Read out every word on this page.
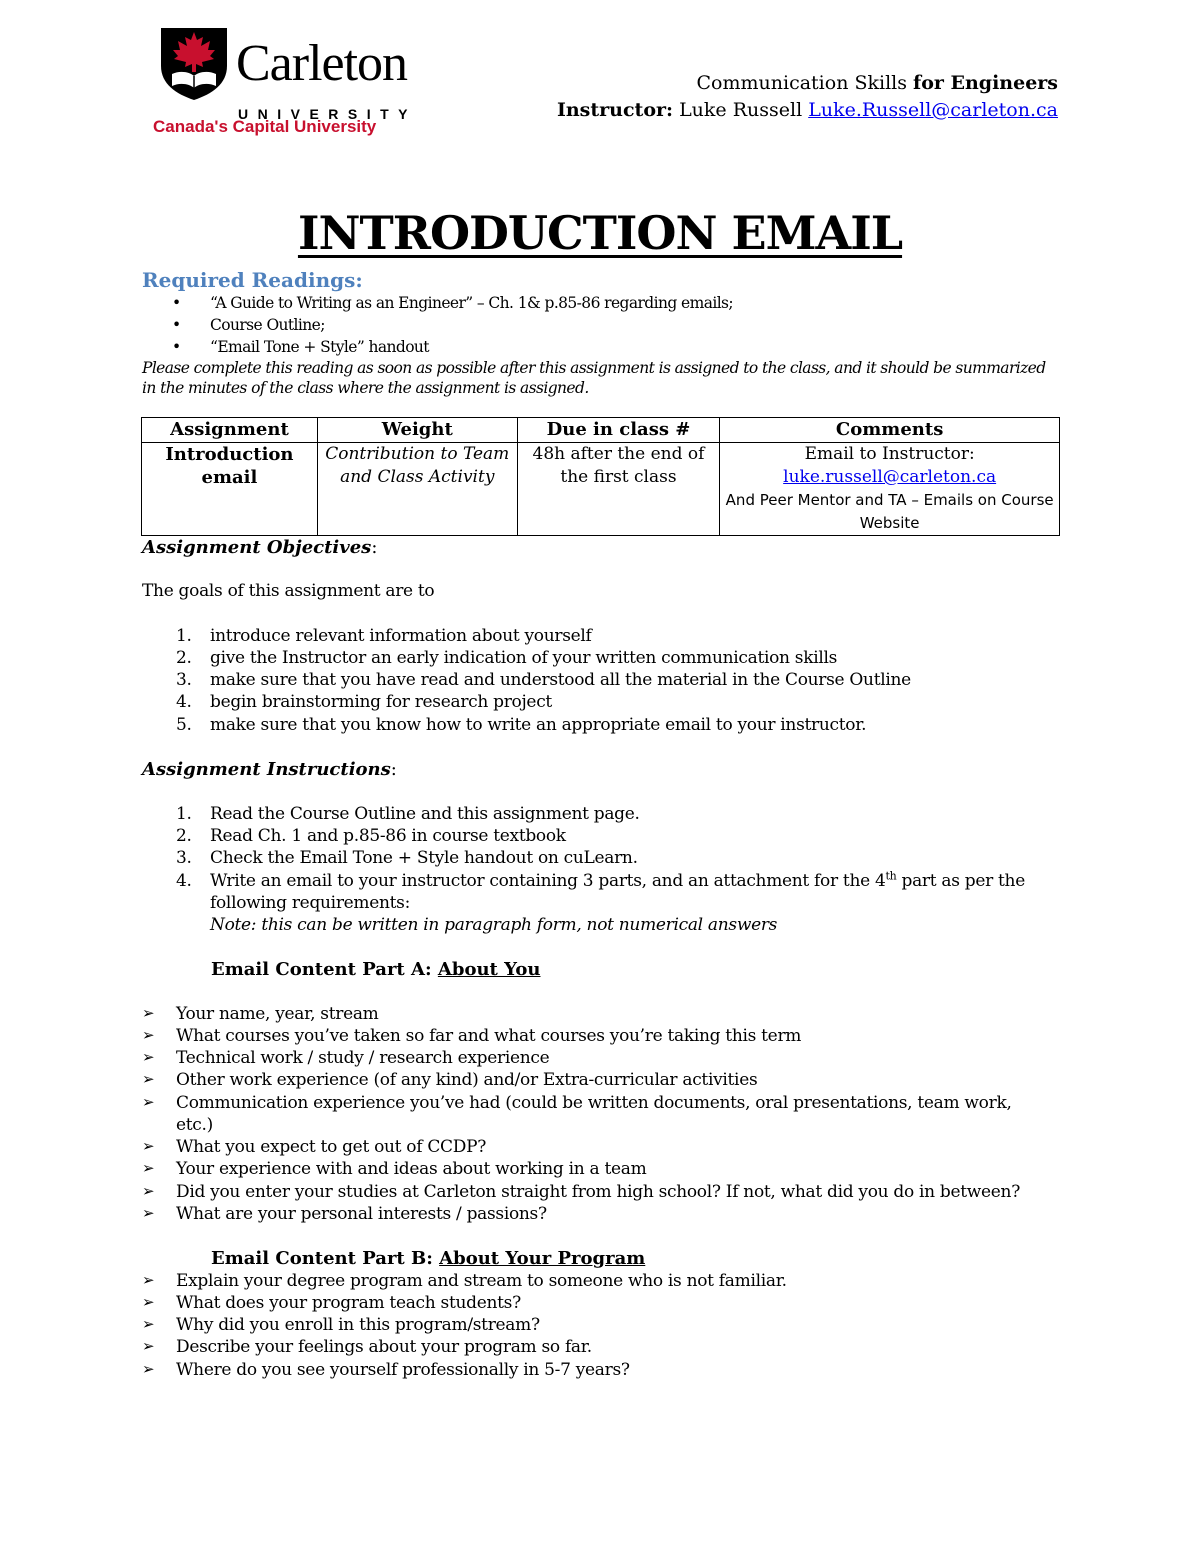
Carleton
UNIVERSITY
Canada's Capital University
Communication Skills for Engineers
Instructor: Luke Russell Luke.Russell@carleton.ca
INTRODUCTION EMAIL
Required Readings:
• “A Guide to Writing as an Engineer” – Ch. 1& p.85-86 regarding emails;
• Course Outline;
• “Email Tone + Style” handout
Please complete this reading as soon as possible after this assignment is assigned to the class, and it should be summarized in the minutes of the class where the assignment is assigned.
Assignment	Weight	Due in class #	Comments
Introduction email	Contribution to Team and Class Activity	48h after the end of the first class	Email to Instructor:
luke.russell@carleton.ca
And Peer Mentor and TA – Emails on Course Website
Assignment Objectives:
The goals of this assignment are to
1. introduce relevant information about yourself
2. give the Instructor an early indication of your written communication skills
3. make sure that you have read and understood all the material in the Course Outline
4. begin brainstorming for research project
5. make sure that you know how to write an appropriate email to your instructor.
Assignment Instructions:
1. Read the Course Outline and this assignment page.
2. Read Ch. 1 and p.85-86 in course textbook
3. Check the Email Tone + Style handout on cuLearn.
4. Write an email to your instructor containing 3 parts, and an attachment for the 4th part as per the
following requirements:
Note: this can be written in paragraph form, not numerical answers
Email Content Part A: About You
➢ Your name, year, stream
➢ What courses you’ve taken so far and what courses you’re taking this term
➢ Technical work / study / research experience
➢ Other work experience (of any kind) and/or Extra-curricular activities
➢ Communication experience you’ve had (could be written documents, oral presentations, team work,
etc.)
➢ What you expect to get out of CCDP?
➢ Your experience with and ideas about working in a team
➢ Did you enter your studies at Carleton straight from high school? If not, what did you do in between?
➢ What are your personal interests / passions?
Email Content Part B: About Your Program
➢ Explain your degree program and stream to someone who is not familiar.
➢ What does your program teach students?
➢ Why did you enroll in this program/stream?
➢ Describe your feelings about your program so far.
➢ Where do you see yourself professionally in 5-7 years?
